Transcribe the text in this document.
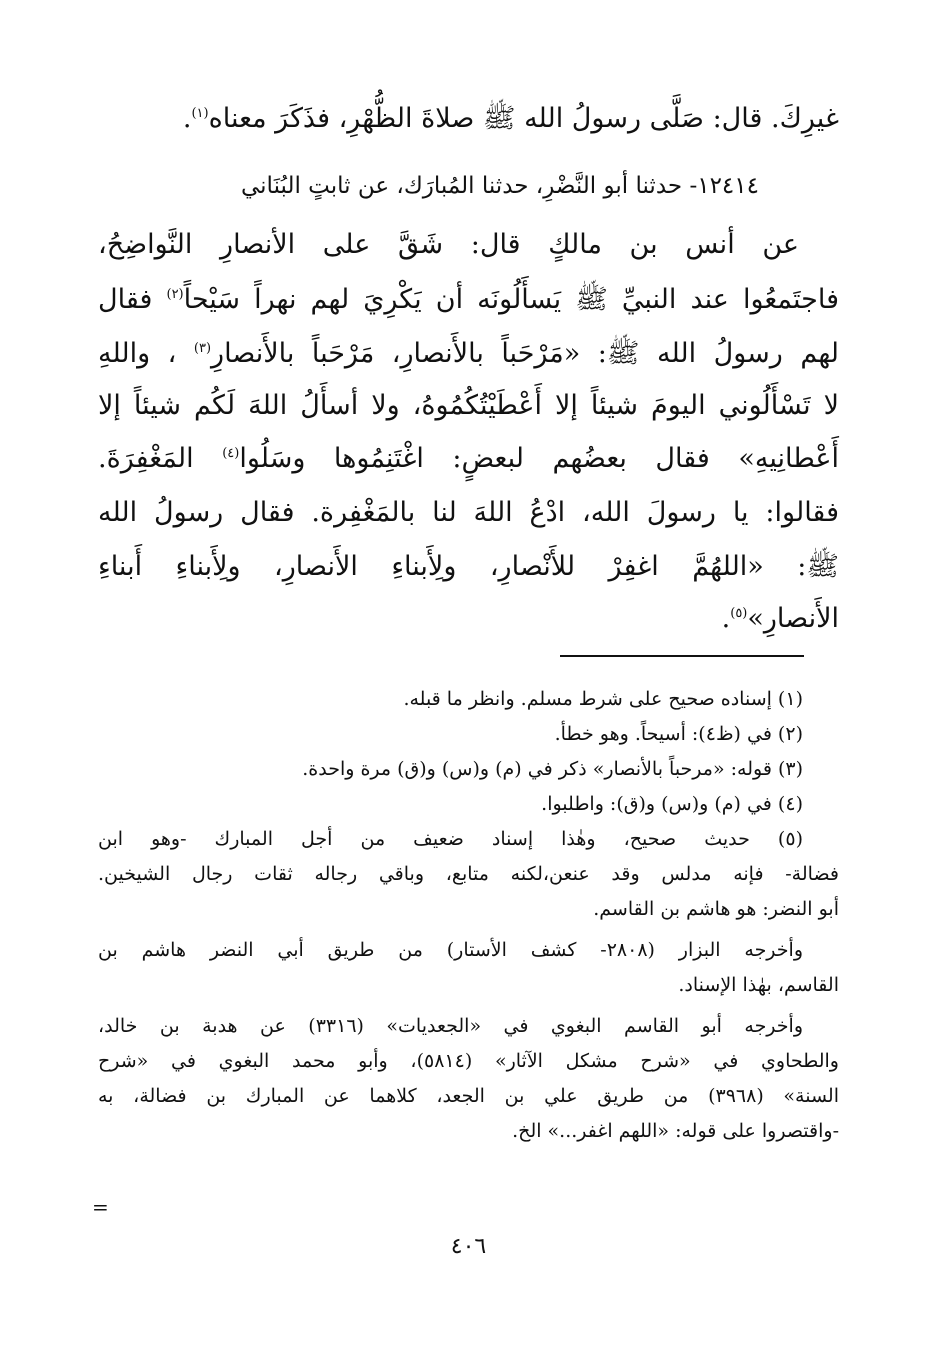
غيرِكَ. قال: صَلَّى رسولُ الله ﷺ صلاةَ الظُّهْرِ، فذَكَرَ معناه$^{(١)}$.
١٢٤١٤- حدثنا أبو النَّضْرِ، حدثنا المُبارَك، عن ثابتٍ البُنَاني
عن أنس بن مالكٍ قال: شَقَّ على الأنصارِ النَّواضِحُ،
فاجتَمعُوا عند النبيِّ ﷺ يَسأَلُونَه أن يَكْرِيَ لهم نهراً سَيْحاً$^{(٢)}$ فقال
لهم رسولُ الله ﷺ: «مَرْحَباً بالأَنصارِ، مَرْحَباً بالأَنصارِ$^{(٣)}$ ، واللهِ
لا تَسْأَلُوني اليومَ شيئاً إلا أَعْطَيْتُكُمُوهُ، ولا أسأَلُ اللهَ لَكُم شيئاً إلا
أَعْطانِيهِ» فقال بعضُهم لبعضٍ: اغْتَنِمُوها وسَلُوا$^{(٤)}$ المَغْفِرَةَ.
فقالوا: يا رسولَ الله، ادْعُ اللهَ لنا بالمَغْفِرة. فقال رسولُ الله
ﷺ: «اللهُمَّ اغفِرْ للأَنْصارِ، ولِأَبناءِ الأَنصارِ، ولِأَبناءِ أَبناءِ
الأَنصارِ»$^{(٥)}$.
(١) إسناده صحيح على شرط مسلم. وانظر ما قبله.
(٢) في (ظ٤): أسيحاً. وهو خطأ.
(٣) قوله: «مرحباً بالأنصار» ذكر في (م) و(س) و(ق) مرة واحدة.
(٤) في (م) و(س) و(ق): واطلبوا.
(٥) حديث صحيح، وهٰذا إسناد ضعيف من أجل المبارك -وهو ابن
فضالة- فإنه مدلس وقد عنعن،لكنه متابع، وباقي رجاله ثقات رجال الشيخين.
أبو النضر: هو هاشم بن القاسم.
وأخرجه البزار (٢٨٠٨- كشف الأستار) من طريق أبي النضر هاشم بن
القاسم، بهٰذا الإسناد.
وأخرجه أبو القاسم البغوي في «الجعديات» (٣٣١٦) عن هدبة بن خالد،
والطحاوي في «شرح مشكل الآثار» (٥٨١٤)، وأبو محمد البغوي في «شرح
السنة» (٣٩٦٨) من طريق علي بن الجعد، كلاهما عن المبارك بن فضالة، به
-واقتصروا على قوله: «اللهم اغفر...» الخ.
=
٤٠٦
